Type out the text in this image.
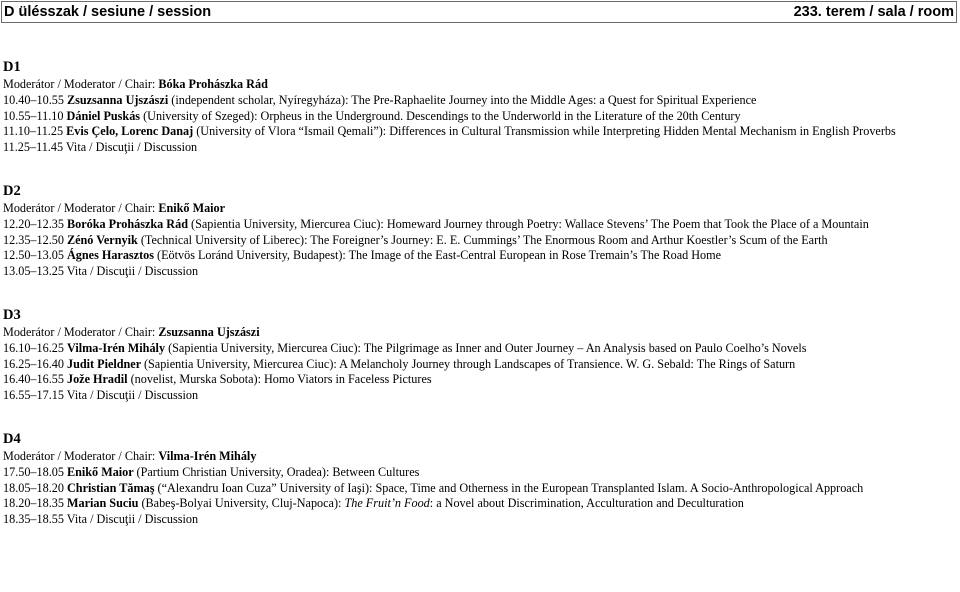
D ülésszak / sesiune / session	233. terem / sala / room
D1
Moderátor / Moderator / Chair: Bóka Prohászka Rád
10.40–10.55 Zsuzsanna Ujszászi (independent scholar, Nyíregyháza): The Pre-Raphaelite Journey into the Middle Ages: a Quest for Spiritual Experience
10.55–11.10 Dániel Puskás (University of Szeged): Orpheus in the Underground. Descendings to the Underworld in the Literature of the 20th Century
11.10–11.25 Evis Çelo, Lorenc Danaj (University of Vlora “Ismail Qemali”): Differences in Cultural Transmission while Interpreting Hidden Mental Mechanism in English Proverbs
11.25–11.45 Vita / Discuţii / Discussion
D2
Moderátor / Moderator / Chair: Enikő Maior
12.20–12.35 Boróka Prohászka Rád (Sapientia University, Miercurea Ciuc): Homeward Journey through Poetry: Wallace Stevens’ The Poem that Took the Place of a Mountain
12.35–12.50 Zénó Vernyik (Technical University of Liberec): The Foreigner’s Journey: E. E. Cummings’ The Enormous Room and Arthur Koestler’s Scum of the Earth
12.50–13.05 Ágnes Harasztos (Eötvös Loránd University, Budapest): The Image of the East-Central European in Rose Tremain’s The Road Home
13.05–13.25 Vita / Discuţii / Discussion
D3
Moderátor / Moderator / Chair: Zsuzsanna Ujszászi
16.10–16.25 Vilma-Irén Mihály (Sapientia University, Miercurea Ciuc): The Pilgrimage as Inner and Outer Journey – An Analysis based on Paulo Coelho’s Novels
16.25–16.40 Judit Pieldner (Sapientia University, Miercurea Ciuc): A Melancholy Journey through Landscapes of Transience. W. G. Sebald: The Rings of Saturn
16.40–16.55 Jože Hradil (novelist, Murska Sobota): Homo Viators in Faceless Pictures
16.55–17.15 Vita / Discuţii / Discussion
D4
Moderátor / Moderator / Chair: Vilma-Irén Mihály
17.50–18.05 Enikő Maior (Partium Christian University, Oradea): Between Cultures
18.05–18.20 Christian Tămaş (“Alexandru Ioan Cuza” University of Iaşi): Space, Time and Otherness in the European Transplanted Islam. A Socio-Anthropological Approach
18.20–18.35 Marian Suciu (Babeş-Bolyai University, Cluj-Napoca): The Fruit’n Food: a Novel about Discrimination, Acculturation and Deculturation
18.35–18.55 Vita / Discuţii / Discussion
